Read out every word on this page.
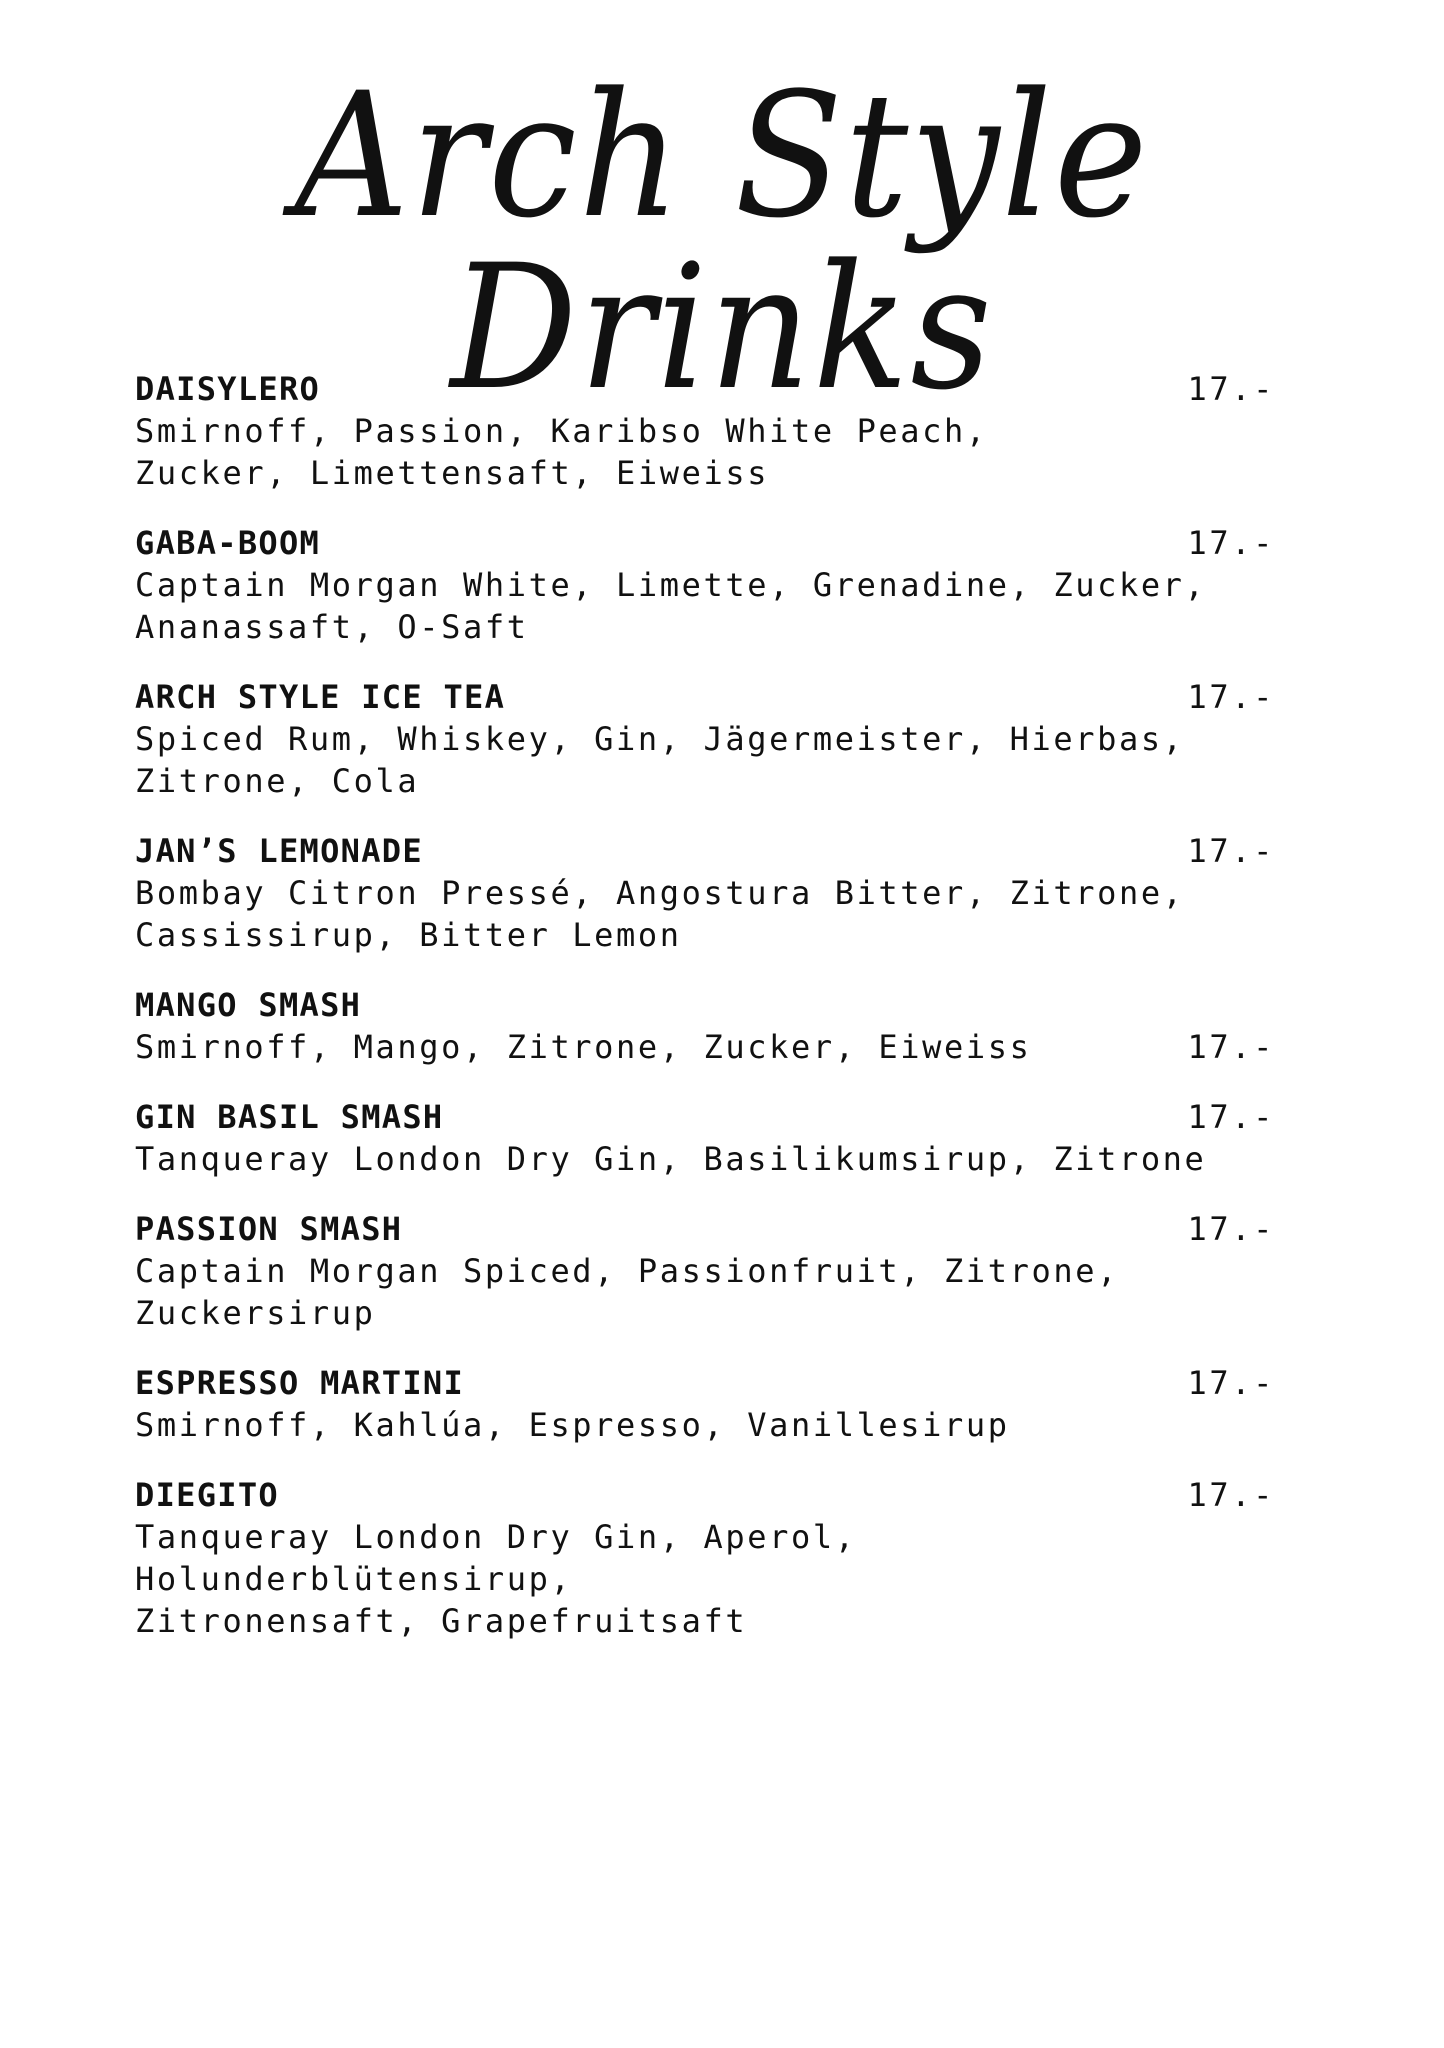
Arch Style Drinks
DAISYLERO	17.-
Smirnoff, Passion, Karibso White Peach,
Zucker, Limettensaft, Eiweiss
GABA-BOOM	17.-
Captain Morgan White, Limette, Grenadine, Zucker,
Ananassaft, O-Saft
ARCH STYLE ICE TEA	17.-
Spiced Rum, Whiskey, Gin, Jägermeister, Hierbas,
Zitrone, Cola
JAN’S LEMONADE	17.-
Bombay Citron Pressé, Angostura Bitter, Zitrone,
Cassissirup, Bitter Lemon
MANGO SMASH
17.-
Smirnoff, Mango, Zitrone, Zucker, Eiweiss
GIN BASIL SMASH	17.-
Tanqueray London Dry Gin, Basilikumsirup, Zitrone
PASSION SMASH	17.-
Captain Morgan Spiced, Passionfruit, Zitrone,
Zuckersirup
ESPRESSO MARTINI	17.-
Smirnoff, Kahlúa, Espresso, Vanillesirup
DIEGITO	17.-
Tanqueray London Dry Gin, Aperol, Holunderblütensirup,
Zitronensaft, Grapefruitsaft
